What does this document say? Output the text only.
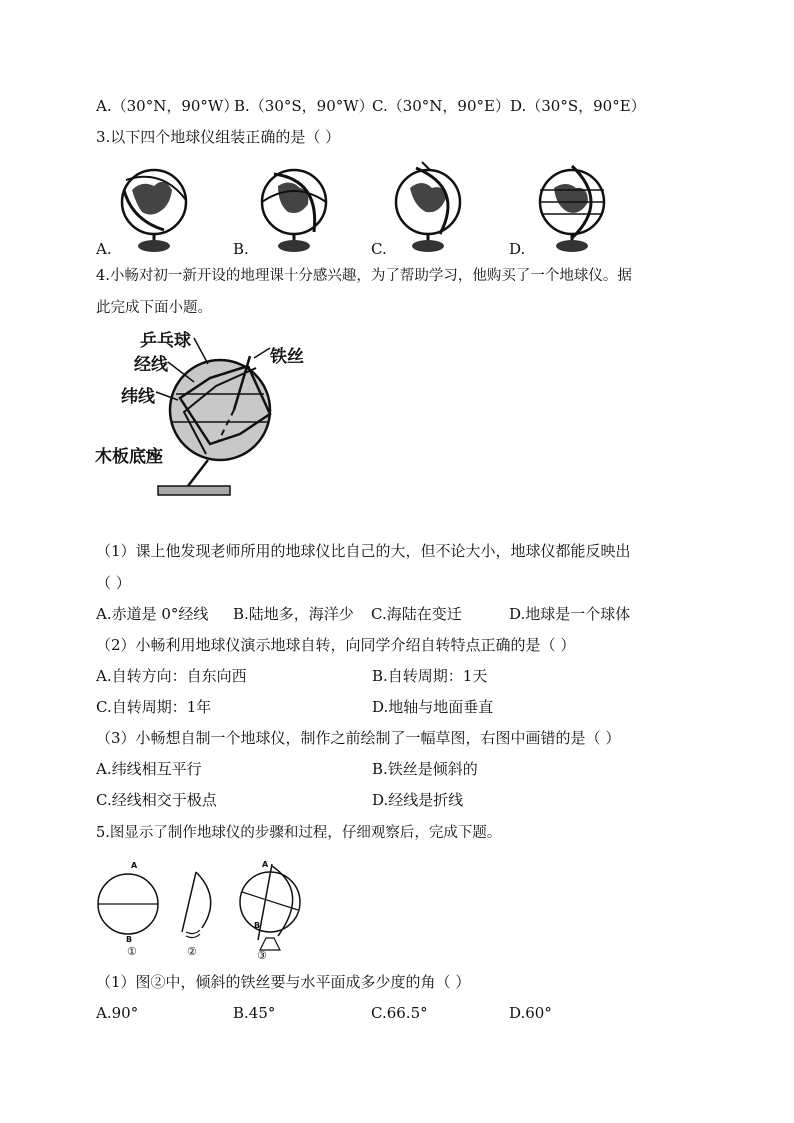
A.（30°N，90°W）
B.（30°S，90°W）
C.（30°N，90°E） D.（30°S，90°E）
3.以下四个地球仪组装正确的是（ ）
A.	B.	C.	D.
4.小畅对初一新开设的地理课十分感兴趣，为了帮助学习，他购买了一个地球仪。据
此完成下面小题。
乒乓球
经线	铁丝
纬线
木板底座
（1）课上他发现老师所用的地球仪比自己的大，但不论大小，地球仪都能反映出
（ ）
A.赤道是 0°经线 B.陆地多，海洋少 C.海陆在变迁	D.地球是一个球体
（2）小畅利用地球仪演示地球自转，向同学介绍自转特点正确的是（ ）
A.自转方向：自东向西	B.自转周期：1天
C.自转周期：1年	D.地轴与地面垂直
（3）小畅想自制一个地球仪，制作之前绘制了一幅草图，右图中画错的是（ ）
A.纬线相互平行	B.铁丝是倾斜的
C.经线相交于极点	D.经线是折线
5.图显示了制作地球仪的步骤和过程，仔细观察后，完成下题。
A
B
①	②
A
B
③
（1）图②中，倾斜的铁丝要与水平面成多少度的角（ ）
A.90°	B.45°	C.66.5°	D.60°
